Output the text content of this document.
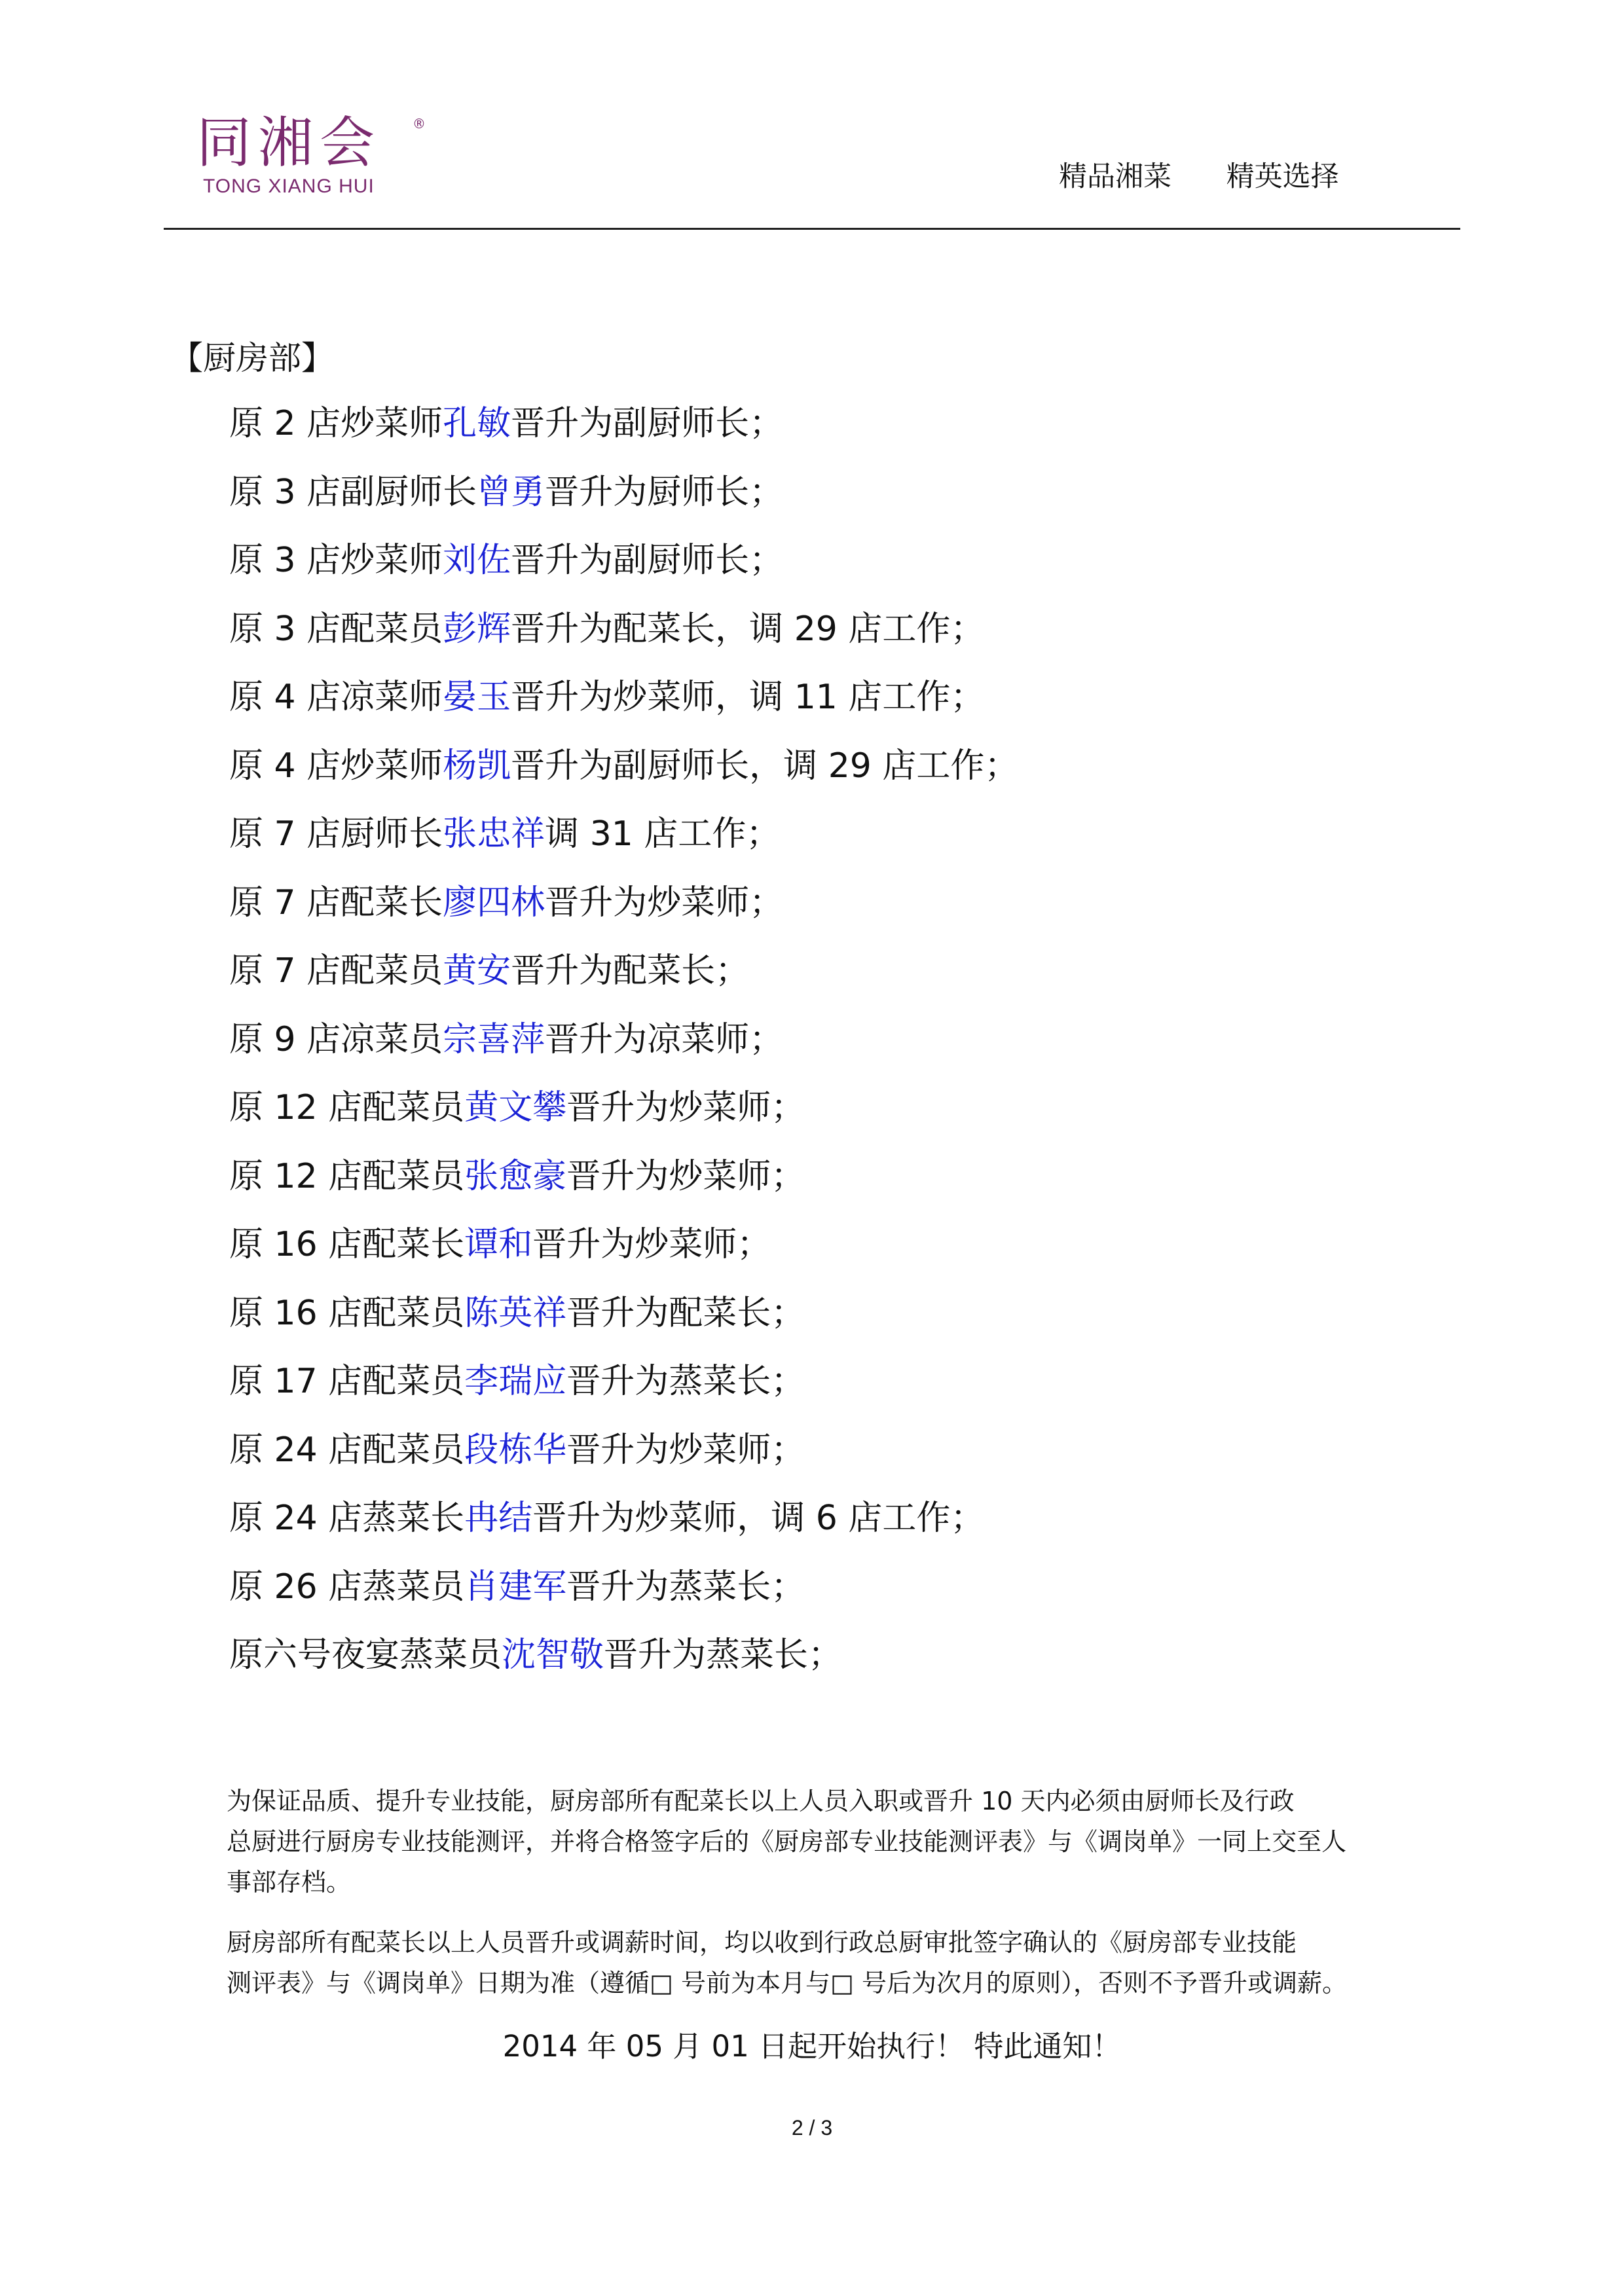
同湘会 ®
TONG XIANG HUI	精品湘菜 精英选择
【厨房部】
原 2 店炒菜师孔敏晋升为副厨师长；
原 3 店副厨师长曾勇晋升为厨师长；
原 3 店炒菜师刘佐晋升为副厨师长；
原 3 店配菜员彭辉晋升为配菜长，调 29 店工作；
原 4 店凉菜师晏玉晋升为炒菜师，调 11 店工作；
原 4 店炒菜师杨凯晋升为副厨师长，调 29 店工作；
原 7 店厨师长张忠祥调 31 店工作；
原 7 店配菜长廖四林晋升为炒菜师；
原 7 店配菜员黄安晋升为配菜长；
原 9 店凉菜员宗喜萍晋升为凉菜师；
原 12 店配菜员黄文攀晋升为炒菜师；
原 12 店配菜员张愈豪晋升为炒菜师；
原 16 店配菜长谭和晋升为炒菜师；
原 16 店配菜员陈英祥晋升为配菜长；
原 17 店配菜员李瑞应晋升为蒸菜长；
原 24 店配菜员段栋华晋升为炒菜师；
原 24 店蒸菜长冉结晋升为炒菜师，调 6 店工作；
原 26 店蒸菜员肖建军晋升为蒸菜长；
原六号夜宴蒸菜员沈智敬晋升为蒸菜长；
为保证品质、提升专业技能，厨房部所有配菜长以上人员入职或晋升 10 天内必须由厨师长及行政
总厨进行厨房专业技能测评，并将合格签字后的《厨房部专业技能测评表》与《调岗单》一同上交至人
事部存档。
厨房部所有配菜长以上人员晋升或调薪时间，均以收到行政总厨审批签字确认的《厨房部专业技能
测评表》与《调岗单》日期为准（遵循□ 号前为本月与□ 号后为次月的原则），否则不予晋升或调薪。
2014 年 05 月 01 日起开始执行！ 特此通知！
2 / 3
